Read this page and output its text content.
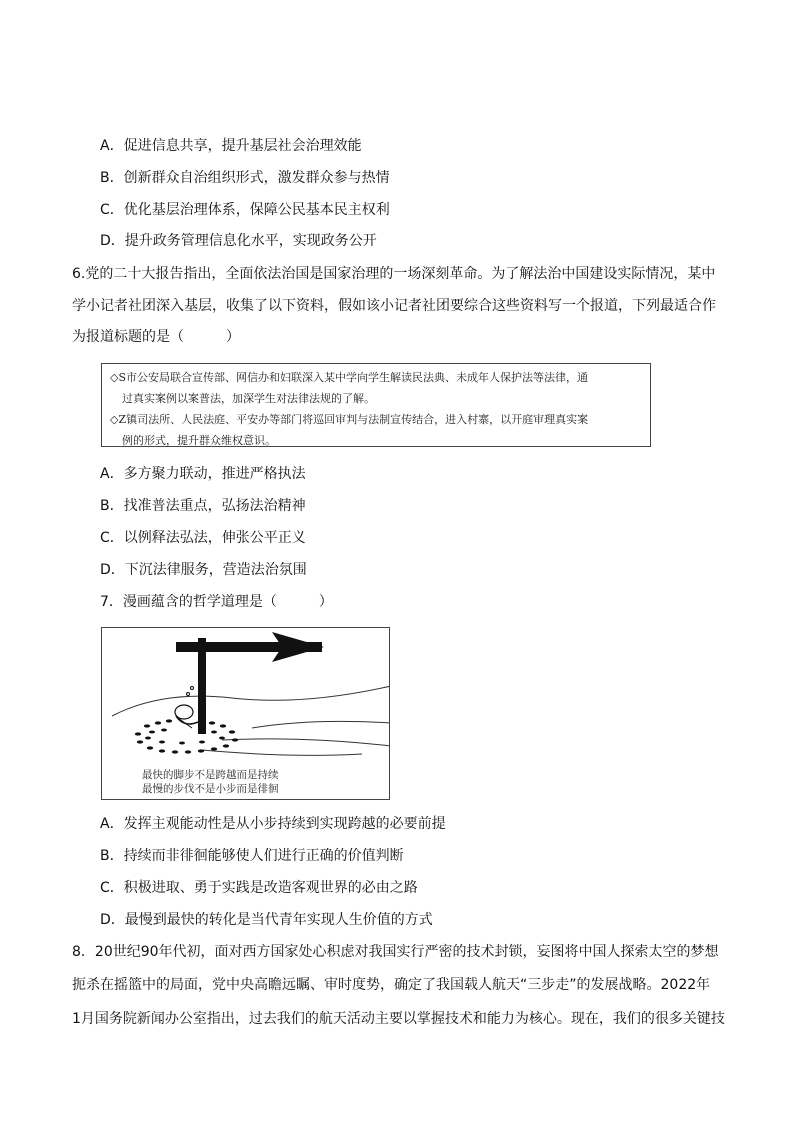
A．促进信息共享，提升基层社会治理效能
B．创新群众自治组织形式，激发群众参与热情
C．优化基层治理体系，保障公民基本民主权利
D．提升政务管理信息化水平，实现政务公开
6.党的二十大报告指出，全面依法治国是国家治理的一场深刻革命。为了解法治中国建设实际情况，某中
学小记者社团深入基层，收集了以下资料，假如该小记者社团要综合这些资料写一个报道，下列最适合作
为报道标题的是（　　　）
◇S市公安局联合宣传部、网信办和妇联深入某中学向学生解读民法典、未成年人保护法等法律，通
过真实案例以案普法，加深学生对法律法规的了解。
◇Z镇司法所、人民法庭、平安办等部门将巡回审判与法制宣传结合，进入村寨，以开庭审理真实案
例的形式，提升群众维权意识。
A．多方聚力联动，推进严格执法
B．找准普法重点，弘扬法治精神
C．以例释法弘法，伸张公平正义
D．下沉法律服务，营造法治氛围
7．漫画蕴含的哲学道理是（　　　）
最快的脚步不是跨越而是持续
最慢的步伐不是小步而是徘徊
A．发挥主观能动性是从小步持续到实现跨越的必要前提
B．持续而非徘徊能够使人们进行正确的价值判断
C．积极进取、勇于实践是改造客观世界的必由之路
D．最慢到最快的转化是当代青年实现人生价值的方式
8．20世纪90年代初，面对西方国家处心积虑对我国实行严密的技术封锁，妄图将中国人探索太空的梦想
扼杀在摇篮中的局面，党中央高瞻远瞩、审时度势，确定了我国载人航天“三步走”的发展战略。2022年
1月国务院新闻办公室指出，过去我们的航天活动主要以掌握技术和能力为核心。现在，我们的很多关键技
